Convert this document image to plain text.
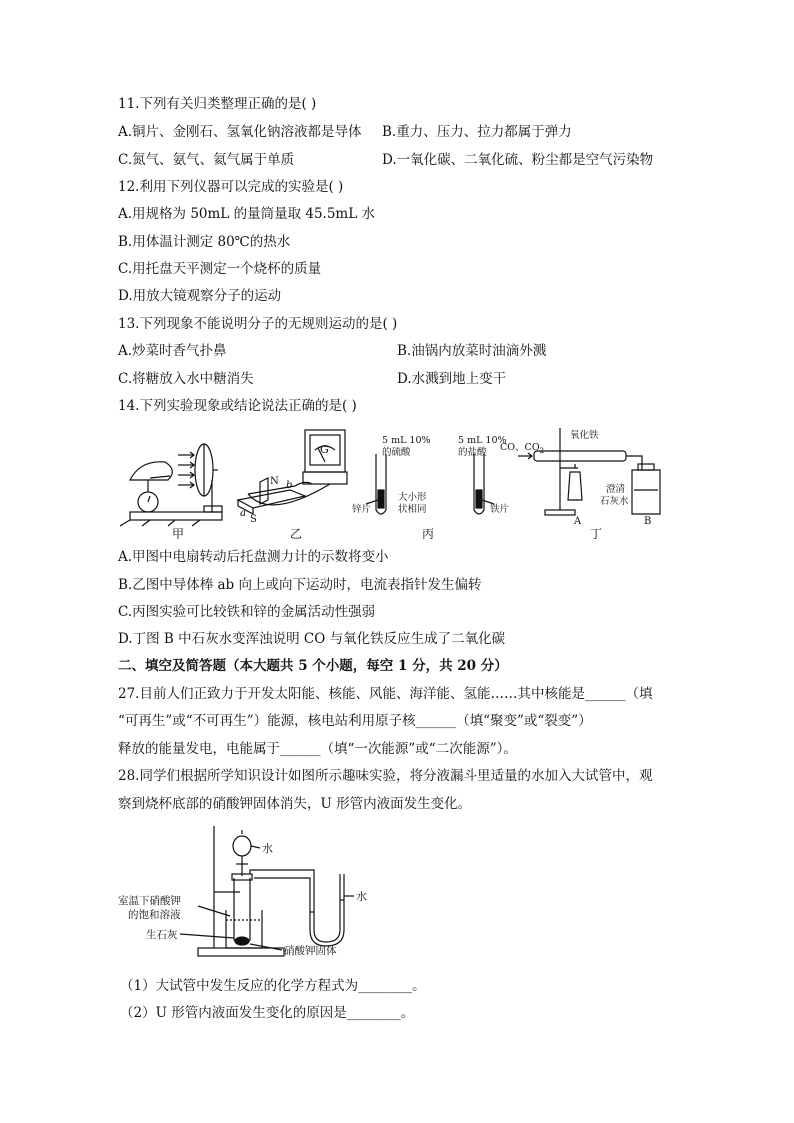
11.下列有关归类整理正确的是( )
A.铜片、金刚石、氢氧化钠溶液都是导体 B.重力、压力、拉力都属于弹力
C.氮气、氨气、氦气属于单质	D.一氧化碳、二氧化硫、粉尘都是空气污染物
12.利用下列仪器可以完成的实验是( )
A.用规格为 50mL 的量筒量取 45.5mL 水
B.用体温计测定 80℃的热水
C.用托盘天平测定一个烧杯的质量
D.用放大镜观察分子的运动
13.下列现象不能说明分子的无规则运动的是( )
A.炒菜时香气扑鼻	B.油锅内放菜时油滴外溅
C.将糖放入水中糖消失	D.水溅到地上变干
14.下列实验现象或结论说法正确的是( )
甲
G
N
S
a
b
乙
5 mL 10%
的硫酸
5 mL 10%
的盐酸
锌片
大小形
状相同	铁片
丙
CO、$CO_2$
氧化铁
澄清
石灰水
A	B
丁
A.甲图中电扇转动后托盘测力计的示数将变小
B.乙图中导体棒 ab 向上或向下运动时，电流表指针发生偏转
C.丙图实验可比较铁和锌的金属活动性强弱
D.丁图 B 中石灰水变浑浊说明 CO 与氧化铁反应生成了二氧化碳
二、填空及简答题（本大题共 5 个小题，每空 1 分，共 20 分）
27.目前人们正致力于开发太阳能、核能、风能、海洋能、氢能……其中核能是______（填
“可再生”或“不可再生”）能源，核电站利用原子核______（填“聚变”或“裂变”）
释放的能量发电，电能属于______（填“一次能源”或“二次能源”）。
28.同学们根据所学知识设计如图所示趣味实验，将分液漏斗里适量的水加入大试管中，观
察到烧杯底部的硝酸钾固体消失，U 形管内液面发生变化。
水
水
室温下硝酸钾
的饱和溶液
生石灰
硝酸钾固体
（1）大试管中发生反应的化学方程式为________。
（2）U 形管内液面发生变化的原因是________。
